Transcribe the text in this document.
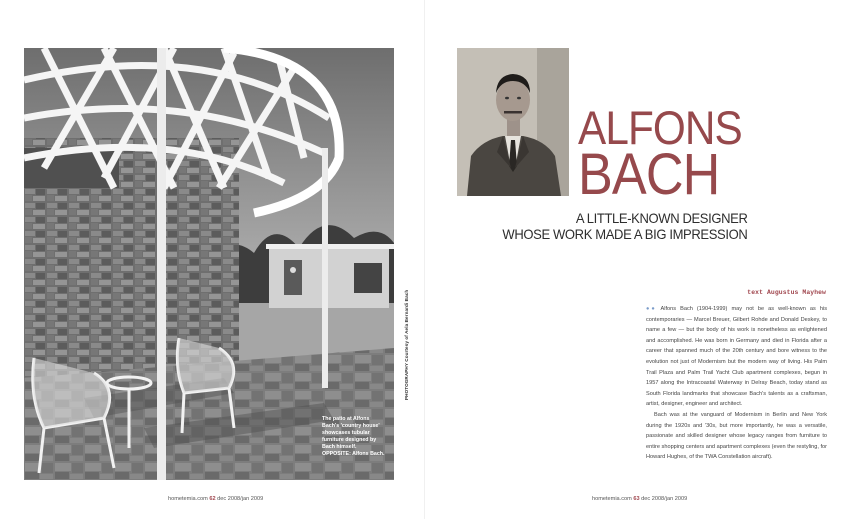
The patio at Alfons Bach's 'country house' showcases tubular furniture designed by Bach himself. OPPOSITE: Alfons Bach.
PHOTOGRAPHY Courtesy of Aela Bernardi Bach
hometemia.com 62 dec 2008/jan 2009
ALFONS
BACH
A LITTLE-KNOWN DESIGNER
WHOSE WORK MADE A BIG IMPRESSION
text Augustus Mayhew

●● Alfons Bach (1904-1999) may not be as well-known as his contemporaries — Marcel Breuer, Gilbert Rohde and Donald Deskey, to name a few — but the body of his work is nonetheless as enlightened and accomplished. He was born in Germany and died in Florida after a career that spanned much of the 20th century and bore witness to the evolution not just of Modernism but the modern way of living. His Palm Trail Plaza and Palm Trail Yacht Club apartment complexes, begun in 1957 along the Intracoastal Waterway in Delray Beach, today stand as South Florida landmarks that showcase Bach's talents as a craftsman, artist, designer, engineer and architect.

Bach was at the vanguard of Modernism in Berlin and New York during the 1920s and '30s, but more importantly, he was a versatile, passionate and skilled designer whose legacy ranges from furniture to entire shopping centers and apartment complexes (even the restyling, for Howard Hughes, of the TWA Constellation aircraft).

hometemia.com 63 dec 2008/jan 2009
